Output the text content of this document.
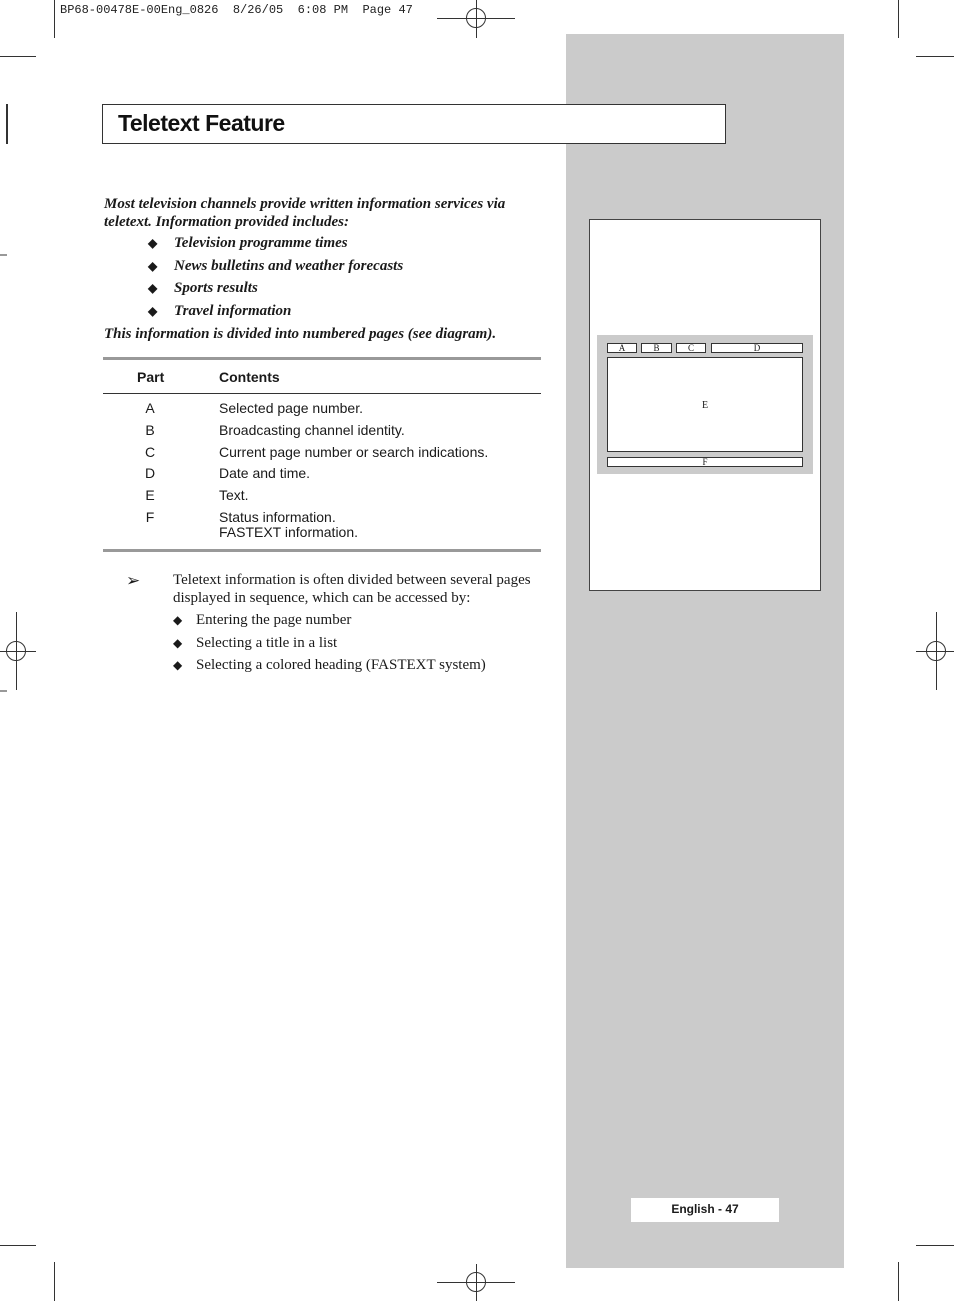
BP68-00478E-00Eng_0826  8/26/05  6:08 PM  Page 47
Teletext Feature
Most television channels provide written information services via teletext. Information provided includes:
◆ Television programme times
◆ News bulletins and weather forecasts
◆ Sports results
◆ Travel information
This information is divided into numbered pages (see diagram).
Part	Contents
A	Selected page number.
B	Broadcasting channel identity.
C	Current page number or search indications.
D	Date and time.
E	Text.
F	Status information.
FASTEXT information.
➢ Teletext information is often divided between several pages displayed in sequence, which can be accessed by:
◆ Entering the page number
◆ Selecting a title in a list
◆ Selecting a colored heading (FASTEXT system)
A	B	C	D
E
F
English - 47
